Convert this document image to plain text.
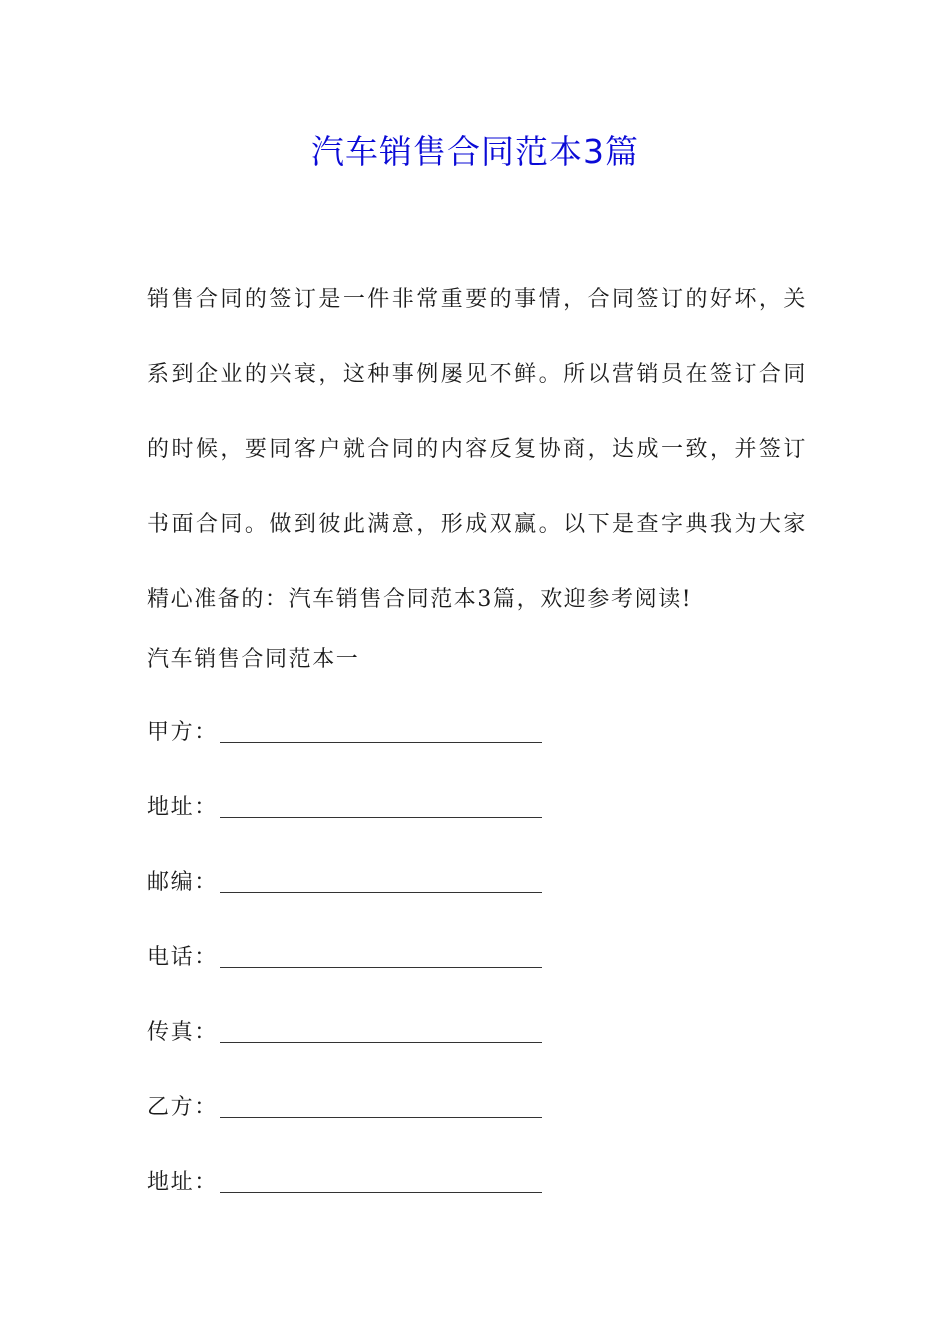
汽车销售合同范本3篇

销售合同的签订是一件非常重要的事情，合同签订的好坏，关系到企业的兴衰，这种事例屡见不鲜。所以营销员在签订合同的时候，要同客户就合同的内容反复协商，达成一致，并签订书面合同。做到彼此满意，形成双赢。以下是查字典我为大家精心准备的：汽车销售合同范本3篇，欢迎参考阅读!

汽车销售合同范本一
甲方：
地址：
邮编：
电话：
传真：
乙方：
地址：
